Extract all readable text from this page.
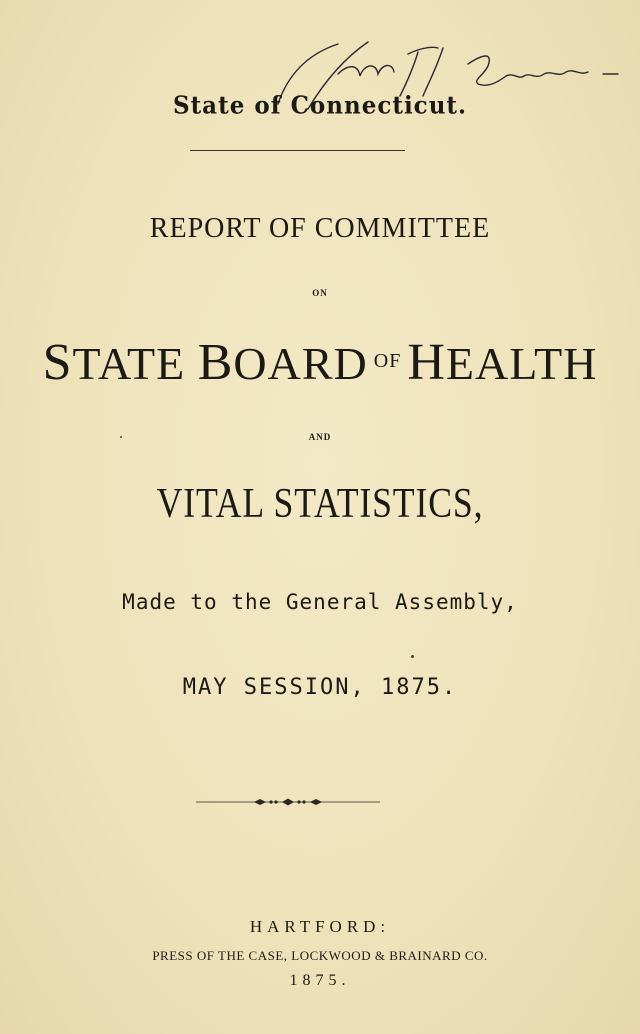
State of Connecticut.
REPORT OF COMMITTEE
ON
STATE BOARD $^{OF}$ HEALTH
AND
VITAL STATISTICS,
Made to the General Assembly,
MAY SESSION, 1875.
HARTFORD:
PRESS OF THE CASE, LOCKWOOD & BRAINARD CO.
1875.
